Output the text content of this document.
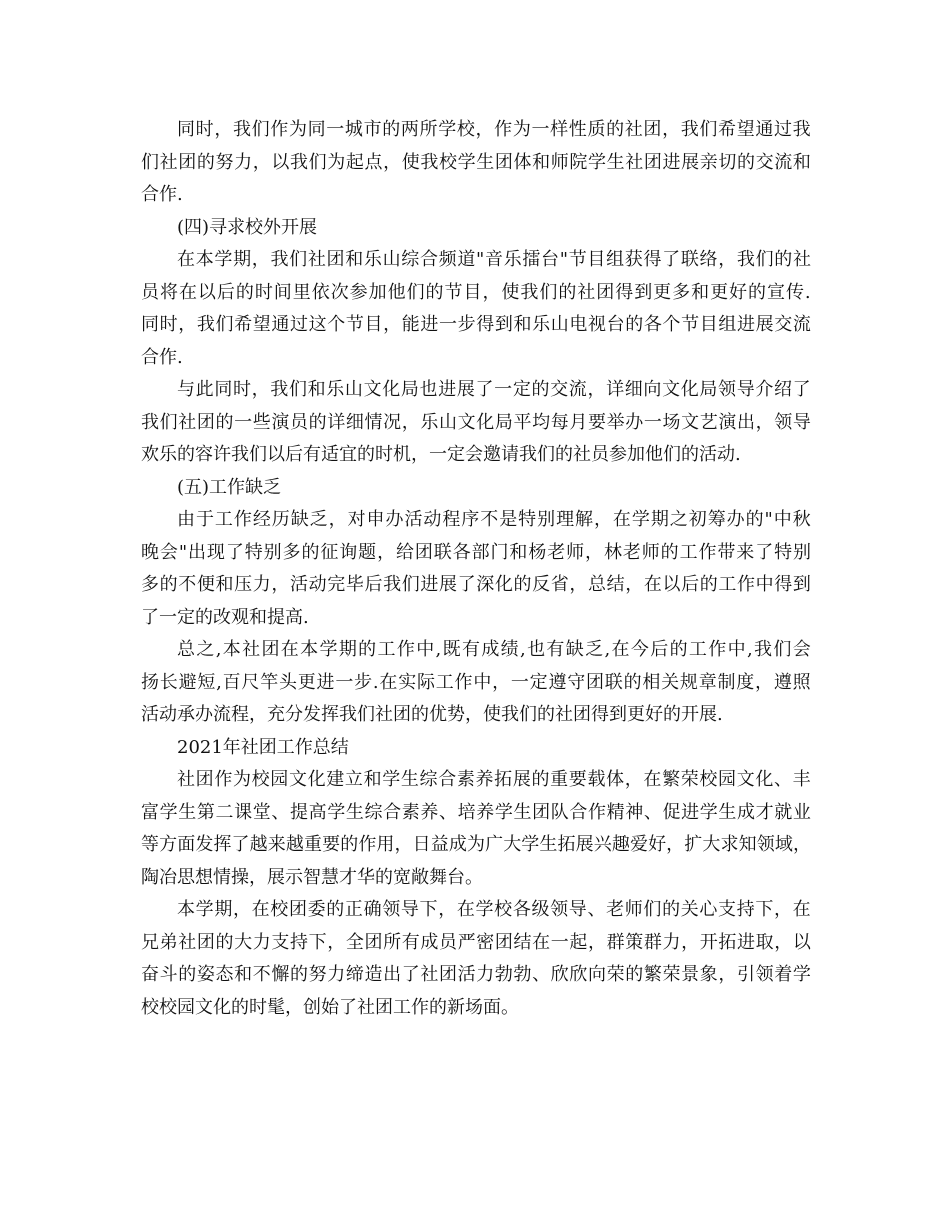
同 时 ， 我 们 作 为 同 一 城 市 的 两 所 学 校 ， 作 为 一 样 性 质 的 社 团 ， 我 们 希 望 通 过 我
们 社 团 的 努 力 ， 以 我 们 为 起 点 ， 使 我 校 学 生 团 体 和 师 院 学 生 社 团 进 展 亲 切 的 交 流 和
合作.
(四)寻求校外开展
在 本 学 期 ， 我 们 社 团 和 乐 山 综 合 频 道 " 音 乐 擂 台 " 节 目 组 获 得 了 联 络 ， 我 们 的 社
员 将 在 以 后 的 时 间 里 依 次 参 加 他 们 的 节 目 ， 使 我 们 的 社 团 得 到 更 多 和 更 好 的 宣 传 .
同 时 ， 我 们 希 望 通 过 这 个 节 目 ， 能 进 一 步 得 到 和 乐 山 电 视 台 的 各 个 节 目 组 进 展 交 流
合作.
与 此 同 时 ， 我 们 和 乐 山 文 化 局 也 进 展 了 一 定 的 交 流 ， 详 细 向 文 化 局 领 导 介 绍 了
我 们 社 团 的 一 些 演 员 的 详 细 情 况 ， 乐 山 文 化 局 平 均 每 月 要 举 办 一 场 文 艺 演 出 ， 领 导
欢乐的容许我们以后有适宜的时机，一定会邀请我们的社员参加他们的活动.
(五)工作缺乏
由 于 工 作 经 历 缺 乏 ， 对 申 办 活 动 程 序 不 是 特 别 理 解 ， 在 学 期 之 初 筹 办 的 " 中 秋
晚 会 " 出 现 了 特 别 多 的 征 询 题 ， 给 团 联 各 部 门 和 杨 老 师 ， 林 老 师 的 工 作 带 来 了 特 别
多 的 不 便 和 压 力 ， 活 动 完 毕 后 我 们 进 展 了 深 化 的 反 省 ， 总 结 ， 在 以 后 的 工 作 中 得 到
了一定的改观和提高.
总 之 , 本 社 团 在 本 学 期 的 工 作 中 , 既 有 成 绩 , 也 有 缺 乏 , 在 今 后 的 工 作 中 , 我 们 会
扬 长 避 短 , 百 尺 竿 头 更 进 一 步 . 在 实 际 工 作 中 ， 一 定 遵 守 团 联 的 相 关 规 章 制 度 ， 遵 照
活动承办流程，充分发挥我们社团的优势，使我们的社团得到更好的开展.
2021年社团工作总结
社 团 作 为 校 园 文 化 建 立 和 学 生 综 合 素 养 拓 展 的 重 要 载 体 ， 在 繁 荣 校 园 文 化 、 丰
富 学 生 第 二 课 堂 、 提 高 学 生 综 合 素 养 、 培 养 学 生 团 队 合 作 精 神 、 促 进 学 生 成 才 就 业
等 方 面 发 挥 了 越 来 越 重 要 的 作 用 ， 日 益 成 为 广 大 学 生 拓 展 兴 趣 爱 好 ， 扩 大 求 知 领 域 ，
陶冶思想情操，展示智慧才华的宽敞舞台。
本 学 期 ， 在 校 团 委 的 正 确 领 导 下 ， 在 学 校 各 级 领 导 、 老 师 们 的 关 心 支 持 下 ， 在
兄 弟 社 团 的 大 力 支 持 下 ， 全 团 所 有 成 员 严 密 团 结 在 一 起 ， 群 策 群 力 ， 开 拓 进 取 ， 以
奋 斗 的 姿 态 和 不 懈 的 努 力 缔 造 出 了 社 团 活 力 勃 勃 、 欣 欣 向 荣 的 繁 荣 景 象 ， 引 领 着 学
校校园文化的时髦，创始了社团工作的新场面。
